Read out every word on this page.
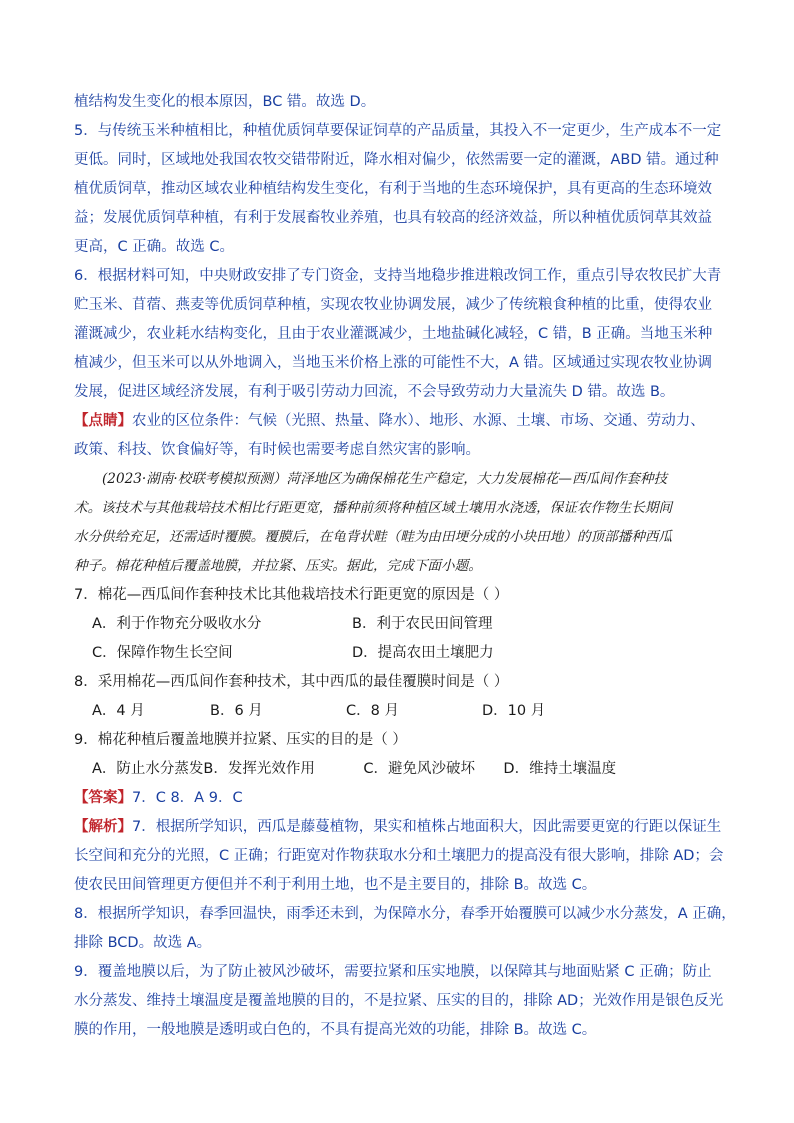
植结构发生变化的根本原因，BC 错。故选 D。
5．与传统玉米种植相比，种植优质饲草要保证饲草的产品质量，其投入不一定更少，生产成本不一定
更低。同时，区域地处我国农牧交错带附近，降水相对偏少，依然需要一定的灌溉，ABD 错。通过种
植优质饲草，推动区域农业种植结构发生变化，有利于当地的生态环境保护，具有更高的生态环境效
益；发展优质饲草种植，有利于发展畜牧业养殖，也具有较高的经济效益，所以种植优质饲草其效益
更高，C 正确。故选 C。
6．根据材料可知，中央财政安排了专门资金，支持当地稳步推进粮改饲工作，重点引导农牧民扩大青
贮玉米、苜蓿、燕麦等优质饲草种植，实现农牧业协调发展，减少了传统粮食种植的比重，使得农业
灌溉减少，农业耗水结构变化，且由于农业灌溉减少，土地盐碱化减轻，C 错，B 正确。当地玉米种
植减少，但玉米可以从外地调入，当地玉米价格上涨的可能性不大，A 错。区域通过实现农牧业协调
发展，促进区域经济发展，有利于吸引劳动力回流，不会导致劳动力大量流失 D 错。故选 B。
【点睛】农业的区位条件：气候（光照、热量、降水）、地形、水源、土壤、市场、交通、劳动力、
政策、科技、饮食偏好等，有时候也需要考虑自然灾害的影响。
(2023·湖南·校联考模拟预测）菏泽地区为确保棉花生产稳定，大力发展棉花—西瓜间作套种技
术。该技术与其他栽培技术相比行距更宽，播种前须将种植区域土壤用水浇透，保证农作物生长期间
水分供给充足，还需适时覆膜。覆膜后，在龟背状畦（畦为由田埂分成的小块田地）的顶部播种西瓜
种子。棉花种植后覆盖地膜，并拉紧、压实。据此，完成下面小题。
7．棉花—西瓜间作套种技术比其他栽培技术行距更宽的原因是（ ）
A．利于作物充分吸收水分	B．利于农民田间管理
C．保障作物生长空间	D．提高农田土壤肥力
8．采用棉花—西瓜间作套种技术，其中西瓜的最佳覆膜时间是（ ）
A．4 月	B．6 月	C．8 月	D．10 月
9．棉花种植后覆盖地膜并拉紧、压实的目的是（ ）
A．防止水分蒸发 B．发挥光效作用	C．避免风沙破坏	D．维持土壤温度
【答案】7．C 8．A 9．C
【解析】7．根据所学知识，西瓜是藤蔓植物，果实和植株占地面积大，因此需要更宽的行距以保证生
长空间和充分的光照，C 正确；行距宽对作物获取水分和土壤肥力的提高没有很大影响，排除 AD；会
使农民田间管理更方便但并不利于利用土地，也不是主要目的，排除 B。故选 C。
8．根据所学知识，春季回温快，雨季还未到，为保障水分，春季开始覆膜可以减少水分蒸发，A 正确，
排除 BCD。故选 A。
9．覆盖地膜以后，为了防止被风沙破坏，需要拉紧和压实地膜，以保障其与地面贴紧 C 正确；防止
水分蒸发、维持土壤温度是覆盖地膜的目的，不是拉紧、压实的目的，排除 AD；光效作用是银色反光
膜的作用，一般地膜是透明或白色的，不具有提高光效的功能，排除 B。故选 C。
